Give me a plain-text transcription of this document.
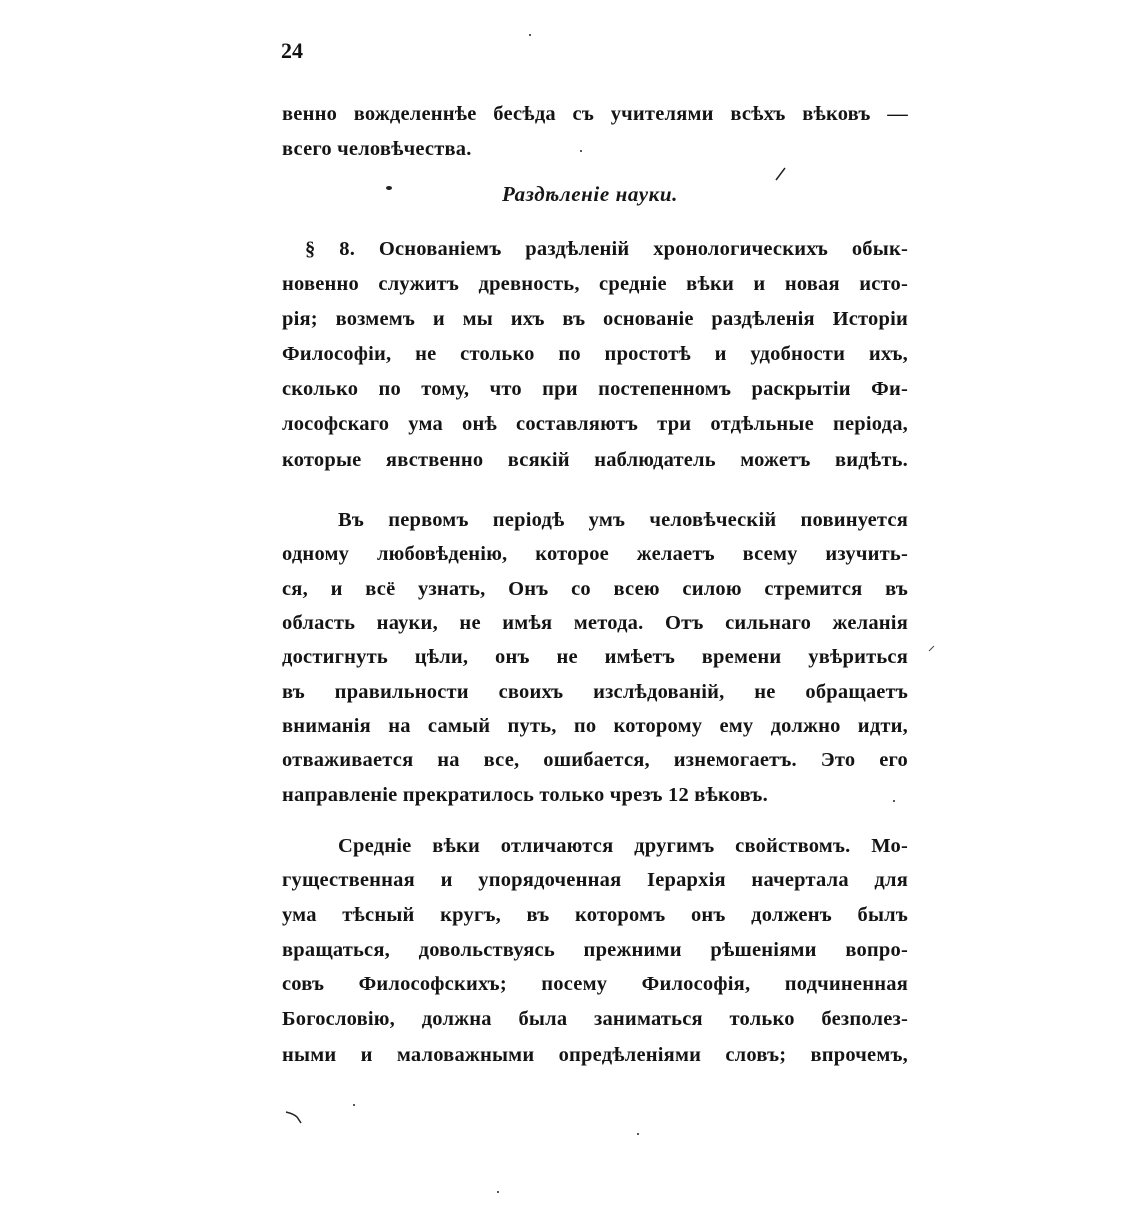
24
венно вожделеннѣе бесѣда съ учителями всѣхъ вѣковъ —
всего человѣчества.
Раздѣленіе науки.
§ 8. Основаніемъ раздѣленій хронологическихъ обык-
новенно служитъ древность, средніе вѣки и новая исто-
рія; возмемъ и мы ихъ въ основаніе раздѣленія Исторіи
Философіи, не столько по простотѣ и удобности ихъ,
сколько по тому, что при постепенномъ раскрытіи Фи-
лософскаго ума онѣ составляютъ три отдѣльные періода,
которые явственно всякій наблюдатель можетъ видѣть.
Въ первомъ періодѣ умъ человѣческій повинуется
одному любовѣденію, которое желаетъ всему изучить-
ся, и всё узнать, Онъ со всею силою стремится въ
область науки, не имѣя метода. Отъ сильнаго желанія
достигнуть цѣли, онъ не имѣетъ времени увѣриться
въ правильности своихъ изслѣдованій, не обращаетъ
вниманія на самый путь, по которому ему должно идти,
отваживается на все, ошибается, изнемогаетъ. Это его
направленіе прекратилось только чрезъ 12 вѣковъ.
Средніе вѣки отличаются другимъ свойствомъ. Мо-
гущественная и упорядоченная Іерархія начертала для
ума тѣсный кругъ, въ которомъ онъ долженъ былъ
вращаться, довольствуясь прежними рѣшеніями вопро-
совъ Философскихъ; посему Философія, подчиненная
Богословію, должна была заниматься только безполез-
ными и маловажными опредѣленіями словъ; впрочемъ,
